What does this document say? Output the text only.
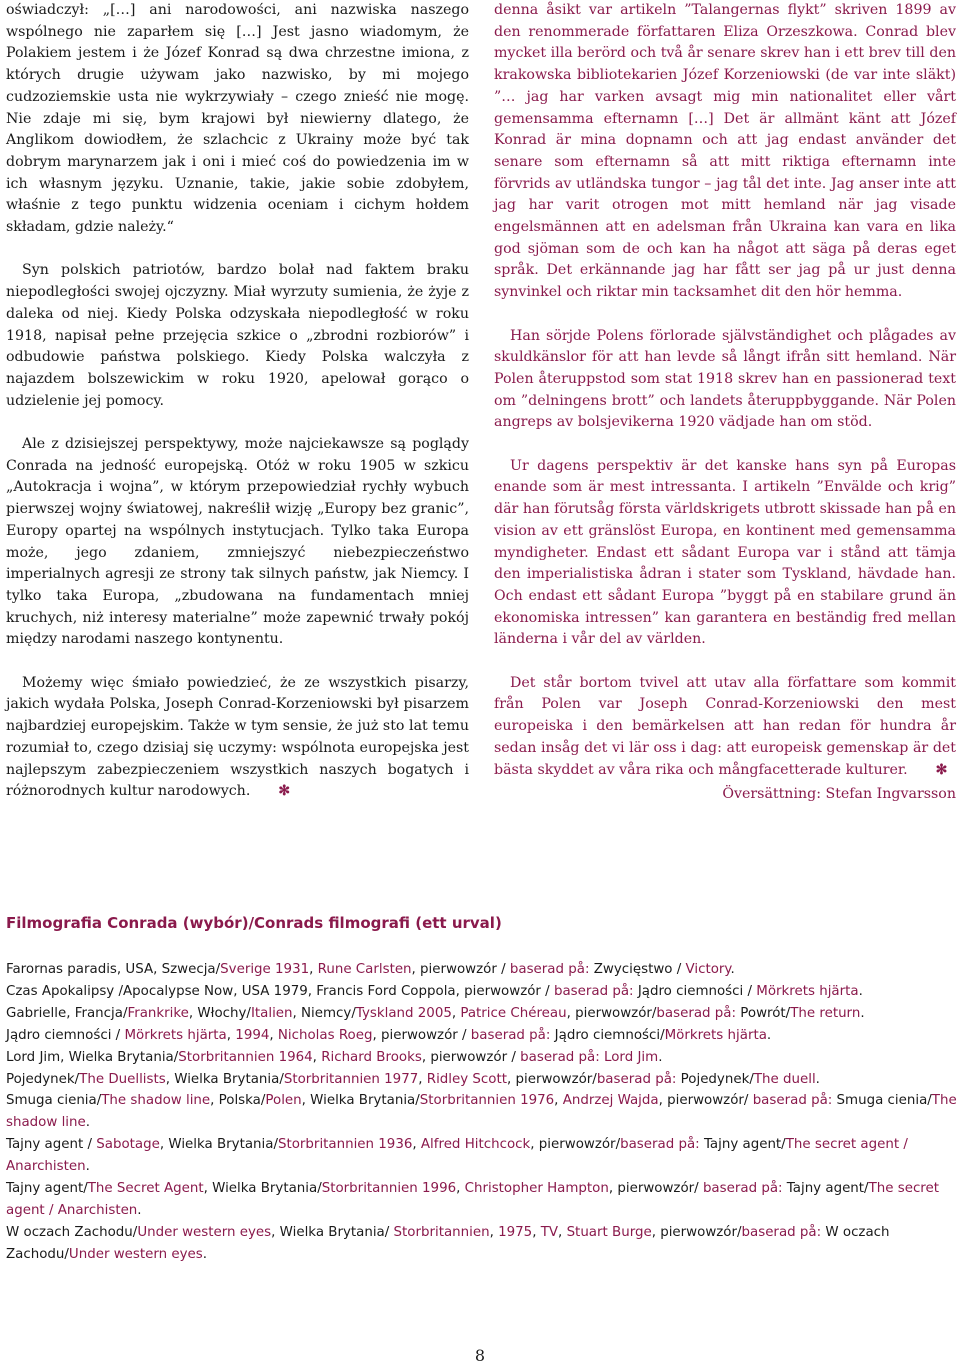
oświadczył: „[…] ani narodowości, ani nazwiska naszego wspólnego nie zaparłem się […] Jest jasno wiadomym, że Polakiem jestem i że Józef Konrad są dwa chrzestne imiona, z których drugie używam jako nazwisko, by mi mojego cudzoziemskie usta nie wykrzywiały – czego znieść nie mogę. Nie zdaje mi się, bym krajowi był niewierny dlatego, że Anglikom dowiodłem, że szlachcic z Ukrainy może być tak dobrym marynarzem jak i oni i mieć coś do powiedzenia im w ich własnym języku. Uznanie, takie, jakie sobie zdobyłem, właśnie z tego punktu widzenia oceniam i cichym hołdem składam, gdzie należy.“

Syn polskich patriotów, bardzo bolał nad faktem braku niepodległości swojej ojczyzny. Miał wyrzuty sumienia, że żyje z daleka od niej. Kiedy Polska odzyskała niepodległość w roku 1918, napisał pełne przejęcia szkice o „zbrodni rozbiorów” i odbudowie państwa polskiego. Kiedy Polska walczyła z najazdem bolszewickim w roku 1920, apelował gorąco o udzielenie jej pomocy.

Ale z dzisiejszej perspektywy, może najciekawsze są poglądy Conrada na jedność europejską. Otóż w roku 1905 w szkicu „Autokracja i wojna”, w którym przepowiedział rychły wybuch pierwszej wojny światowej, nakreślił wizję „Europy bez granic”, Europy opartej na wspólnych instytucjach. Tylko taka Europa może, jego zdaniem, zmniejszyć niebezpieczeństwo imperialnych agresji ze strony tak silnych państw, jak Niemcy. I tylko taka Europa, „zbudowana na fundamentach mniej kruchych, niż interesy materialne” może zapewnić trwały pokój między narodami naszego kontynentu.

Możemy więc śmiało powiedzieć, że ze wszystkich pisarzy, jakich wydała Polska, Joseph Conrad-Korzeniowski był pisarzem najbardziej europejskim. Także w tym sensie, że już sto lat temu rozumiał to, czego dzisiaj się uczymy: wspólnota europejska jest najlepszym zabezpieczeniem wszystkich naszych bogatych i różnorodnych kultur narodowych. ✻

denna åsikt var artikeln ”Talangernas flykt” skriven 1899 av den renommerade författaren Eliza Orzeszkowa. Conrad blev mycket illa berörd och två år senare skrev han i ett brev till den krakowska bibliotekarien Józef Korzeniowski (de var inte släkt) ”… jag har varken avsagt mig min nationalitet eller vårt gemensamma efternamn […] Det är allmänt känt att Józef Konrad är mina dopnamn och att jag endast använder det senare som efternamn så att mitt riktiga efternamn inte förvrids av utländska tungor – jag tål det inte. Jag anser inte att jag har varit otrogen mot mitt hemland när jag visade engelsmännen att en adelsman från Ukraina kan vara en lika god sjöman som de och kan ha något att säga på deras eget språk. Det erkännande jag har fått ser jag på ur just denna synvinkel och riktar min tacksamhet dit den hör hemma.

Han sörjde Polens förlorade självständighet och plågades av skuldkänslor för att han levde så långt ifrån sitt hemland. När Polen återuppstod som stat 1918 skrev han en passionerad text om ”delningens brott” och landets återuppbyggande. När Polen angreps av bolsjevikerna 1920 vädjade han om stöd.

Ur dagens perspektiv är det kanske hans syn på Europas enande som är mest intressanta. I artikeln ”Envälde och krig” där han förutsåg första världskrigets utbrott skissade han på en vision av ett gränslöst Europa, en kontinent med gemensamma myndigheter. Endast ett sådant Europa var i stånd att tämja den imperialistiska ådran i stater som Tyskland, hävdade han. Och endast ett sådant Europa ”byggt på en stabilare grund än ekonomiska intressen” kan garantera en beständig fred mellan länderna i vår del av världen.

Det står bortom tvivel att utav alla författare som kommit från Polen var Joseph Conrad-Korzeniowski den mest europeiska i den bemärkelsen att han redan för hundra år sedan insåg det vi lär oss i dag: att europeisk gemenskap är det bästa skyddet av våra rika och mångfacetterade kulturer. ✻

Översättning: Stefan Ingvarsson
Filmografia Conrada (wybór)/Conrads filmografi (ett urval)

Farornas paradis, USA, Szwecja/Sverige 1931, Rune Carlsten, pierwowzór / baserad på: Zwycięstwo / Victory.

Czas Apokalipsy /Apocalypse Now, USA 1979, Francis Ford Coppola, pierwowzór / baserad på: Jądro ciemności / Mörkrets hjärta.

Gabrielle, Francja/Frankrike, Włochy/Italien, Niemcy/Tyskland 2005, Patrice Chéreau, pierwowzór/baserad på: Powrót/The return.

Jądro ciemności / Mörkrets hjärta, 1994, Nicholas Roeg, pierwowzór / baserad på: Jądro ciemności/Mörkrets hjärta.

Lord Jim, Wielka Brytania/Storbritannien 1964, Richard Brooks, pierwowzór / baserad på: Lord Jim.

Pojedynek/The Duellists, Wielka Brytania/Storbritannien 1977, Ridley Scott, pierwowzór/baserad på: Pojedynek/The duell.

Smuga cienia/The shadow line, Polska/Polen, Wielka Brytania/Storbritannien 1976, Andrzej Wajda, pierwowzór/ baserad på: Smuga cienia/The shadow line.

Tajny agent / Sabotage, Wielka Brytania/Storbritannien 1936, Alfred Hitchcock, pierwowzór/baserad på: Tajny agent/The secret agent / Anarchisten.

Tajny agent/The Secret Agent, Wielka Brytania/Storbritannien 1996, Christopher Hampton, pierwowzór/ baserad på: Tajny agent/The secret agent / Anarchisten.

W oczach Zachodu/Under western eyes, Wielka Brytania/ Storbritannien, 1975, TV, Stuart Burge, pierwowzór/baserad på: W oczach Zachodu/Under western eyes.

8
